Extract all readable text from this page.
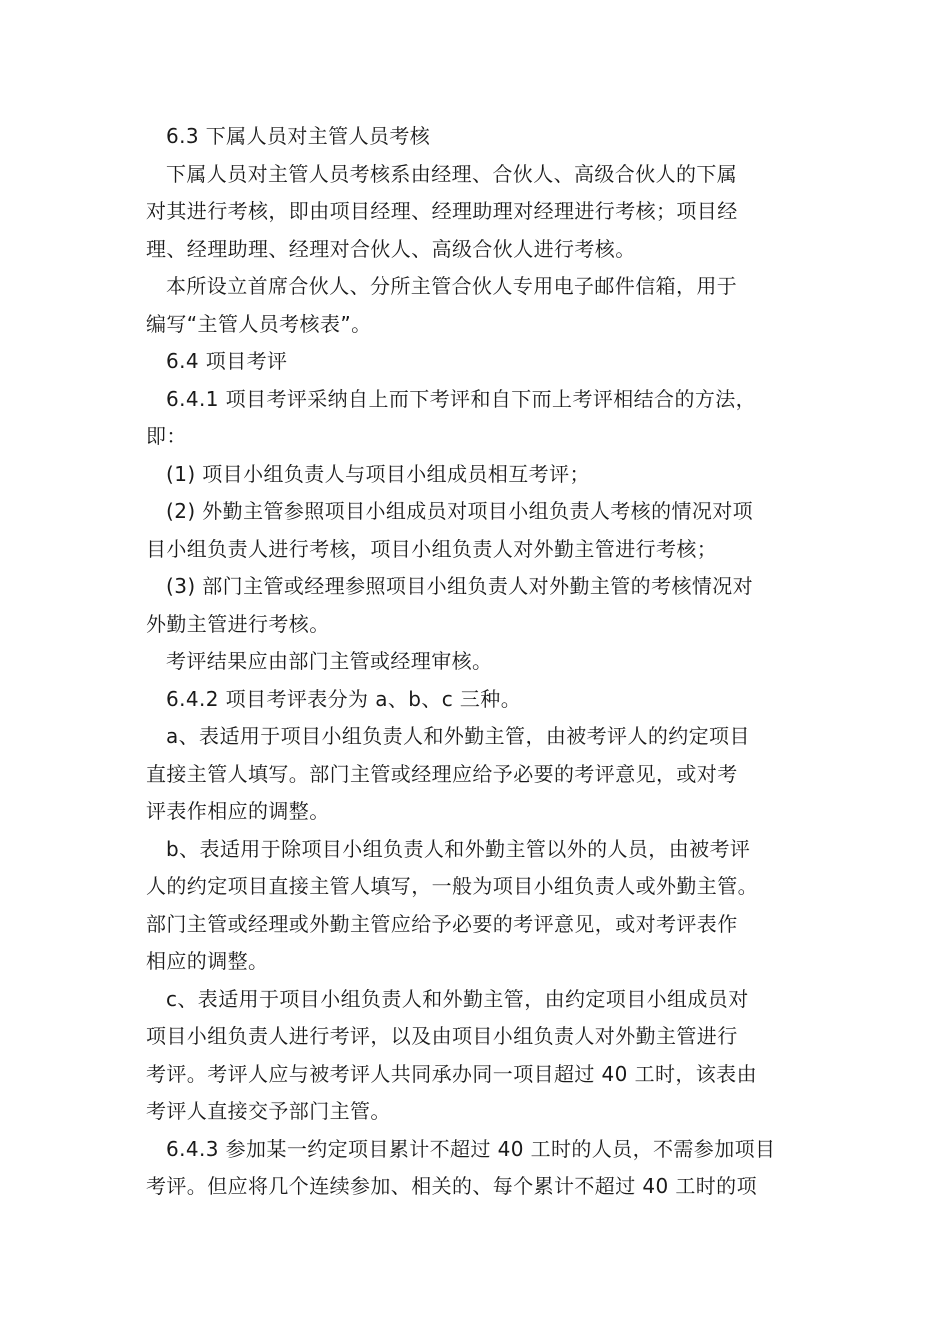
6.3 下属人员对主管人员考核

下属人员对主管人员考核系由经理、合伙人、高级合伙人的下属
对其进行考核，即由项目经理、经理助理对经理进行考核；项目经
理、经理助理、经理对合伙人、高级合伙人进行考核。

本所设立首席合伙人、分所主管合伙人专用电子邮件信箱，用于
编写“主管人员考核表”。

6.4 项目考评

6.4.1 项目考评采纳自上而下考评和自下而上考评相结合的方法，
即：

(1) 项目小组负责人与项目小组成员相互考评；

(2) 外勤主管参照项目小组成员对项目小组负责人考核的情况对项
目小组负责人进行考核，项目小组负责人对外勤主管进行考核；

(3) 部门主管或经理参照项目小组负责人对外勤主管的考核情况对
外勤主管进行考核。

考评结果应由部门主管或经理审核。

6.4.2 项目考评表分为 a、b、c 三种。

a、表适用于项目小组负责人和外勤主管，由被考评人的约定项目
直接主管人填写。部门主管或经理应给予必要的考评意见，或对考
评表作相应的调整。

b、表适用于除项目小组负责人和外勤主管以外的人员，由被考评
人的约定项目直接主管人填写，一般为项目小组负责人或外勤主管。
部门主管或经理或外勤主管应给予必要的考评意见，或对考评表作
相应的调整。

c、表适用于项目小组负责人和外勤主管，由约定项目小组成员对
项目小组负责人进行考评，以及由项目小组负责人对外勤主管进行
考评。考评人应与被考评人共同承办同一项目超过 40 工时，该表由
考评人直接交予部门主管。

6.4.3 参加某一约定项目累计不超过 40 工时的人员，不需参加项目
考评。但应将几个连续参加、相关的、每个累计不超过 40 工时的项
